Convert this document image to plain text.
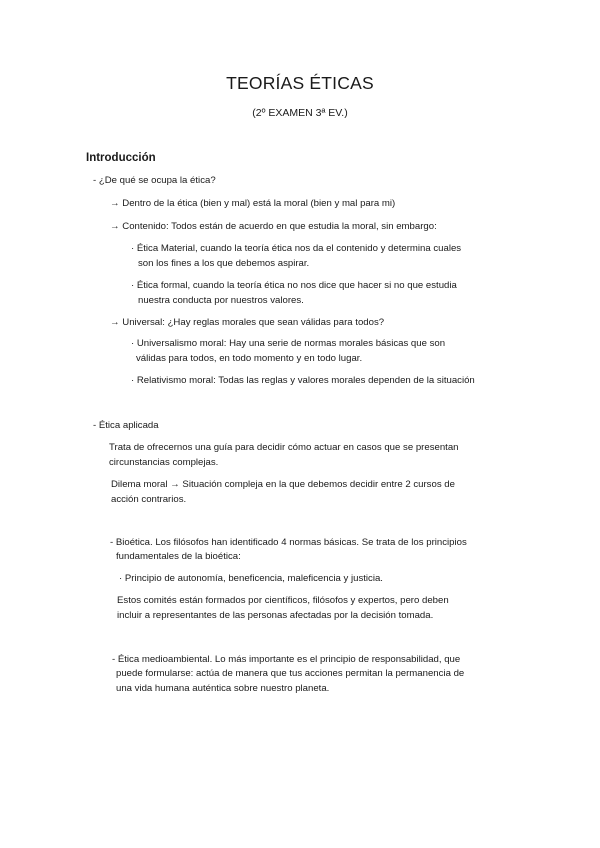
TEORÍAS ÉTICAS
(2º EXAMEN 3ª EV.)
Introducción
- ¿De qué se ocupa la ética?
→ Dentro de la ética (bien y mal) está la moral (bien y mal para mi)
→ Contenido: Todos están de acuerdo en que estudia la moral, sin embargo:
· Ética Material, cuando la teoría ética nos da el contenido y determina cuales
son los fines a los que debemos aspirar.
· Ética formal, cuando la teoría ética no nos dice que hacer si no que estudia
nuestra conducta por nuestros valores.
→ Universal: ¿Hay reglas morales que sean válidas para todos?
· Universalismo moral: Hay una serie de normas morales básicas que son
válidas para todos, en todo momento y en todo lugar.
· Relativismo moral: Todas las reglas y valores morales dependen de la situación
- Ética aplicada
Trata de ofrecernos una guía para decidir cómo actuar en casos que se presentan
circunstancias complejas.
Dilema moral → Situación compleja en la que debemos decidir entre 2 cursos de
acción contrarios.
- Bioética. Los filósofos han identificado 4 normas básicas. Se trata de los principios
fundamentales de la bioética:
· Principio de autonomía, beneficencia, maleficencia y justicia.
Estos comités están formados por científicos, filósofos y expertos, pero deben
incluir a representantes de las personas afectadas por la decisión tomada.
- Ética medioambiental. Lo más importante es el principio de responsabilidad, que
puede formularse: actúa de manera que tus acciones permitan la permanencia de
una vida humana auténtica sobre nuestro planeta.
